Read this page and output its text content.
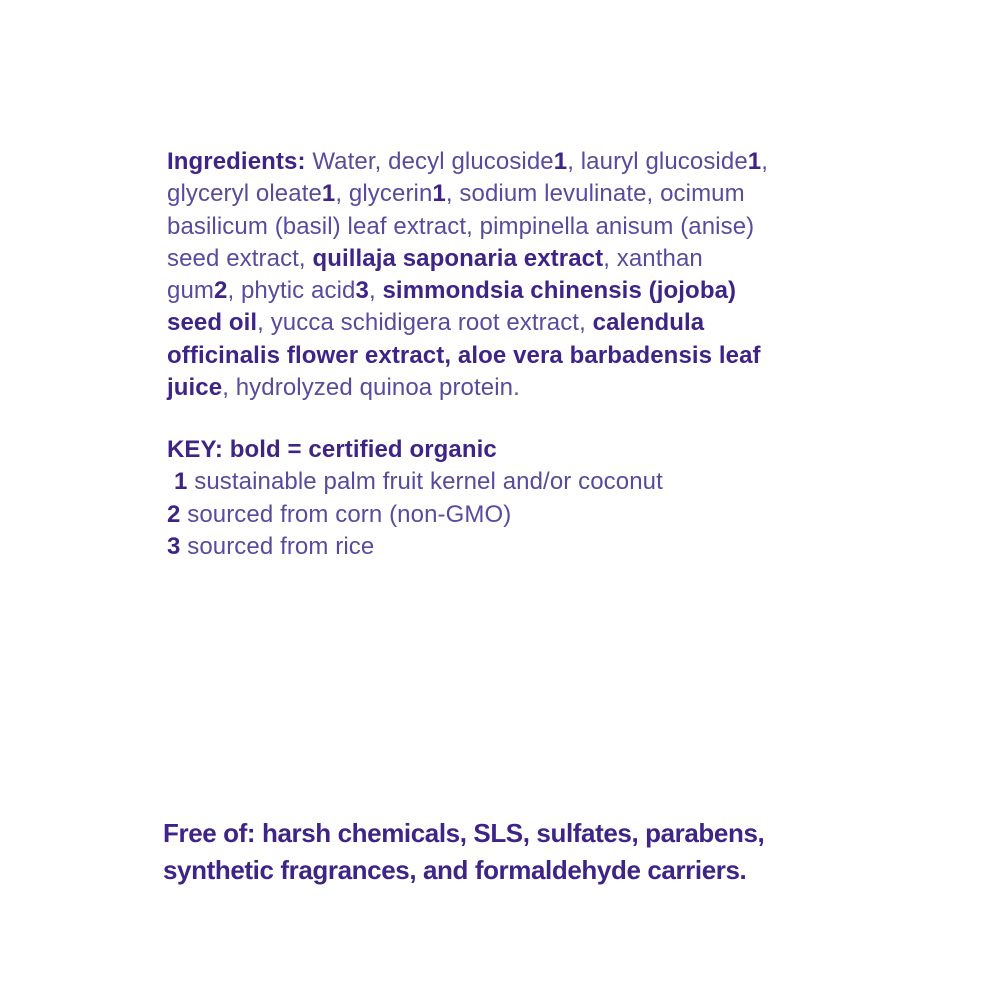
Ingredients: Water, decyl glucoside1, lauryl glucoside1,
glyceryl oleate1, glycerin1, sodium levulinate, ocimum
basilicum (basil) leaf extract, pimpinella anisum (anise)
seed extract, quillaja saponaria extract, xanthan
gum2, phytic acid3, simmondsia chinensis (jojoba)
seed oil, yucca schidigera root extract, calendula
officinalis flower extract, aloe vera barbadensis leaf
juice, hydrolyzed quinoa protein.
KEY: bold = certified organic
1 sustainable palm fruit kernel and/or coconut
2 sourced from corn (non-GMO)
3 sourced from rice
Free of: harsh chemicals, SLS, sulfates, parabens,
synthetic fragrances, and formaldehyde carriers.
